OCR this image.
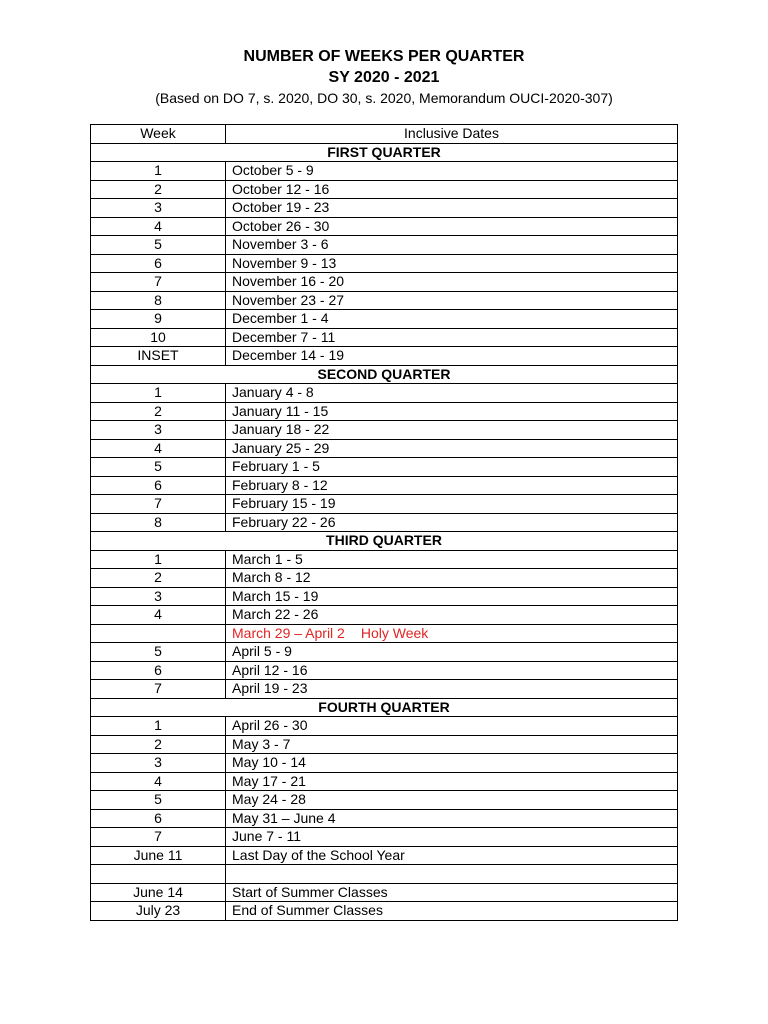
NUMBER OF WEEKS PER QUARTER
SY 2020 - 2021
(Based on DO 7, s. 2020, DO 30, s. 2020, Memorandum OUCI-2020-307)
Week	Inclusive Dates
FIRST QUARTER	
1	October 5 - 9
2	October 12 - 16
3	October 19 - 23
4	October 26 - 30
5	November 3 - 6
6	November 9 - 13
7	November 16 - 20
8	November 23 - 27
9	December 1 - 4
10	December 7 - 11
INSET	December 14 - 19
SECOND QUARTER	
1	January 4 - 8
2	January 11 - 15
3	January 18 - 22
4	January 25 - 29
5	February 1 - 5
6	February 8 - 12
7	February 15 - 19
8	February 22 - 26
THIRD QUARTER	
1	March 1 - 5
2	March 8 - 12
3	March 15 - 19
4	March 22 - 26
	March 29 – April 2 Holy Week
5	April 5 - 9
6	April 12 - 16
7	April 19 - 23
FOURTH QUARTER	
1	April 26 - 30
2	May 3 - 7
3	May 10 - 14
4	May 17 - 21
5	May 24 - 28
6	May 31 – June 4
7	June 7 - 11
June 11	Last Day of the School Year

June 14	Start of Summer Classes
July 23	End of Summer Classes
